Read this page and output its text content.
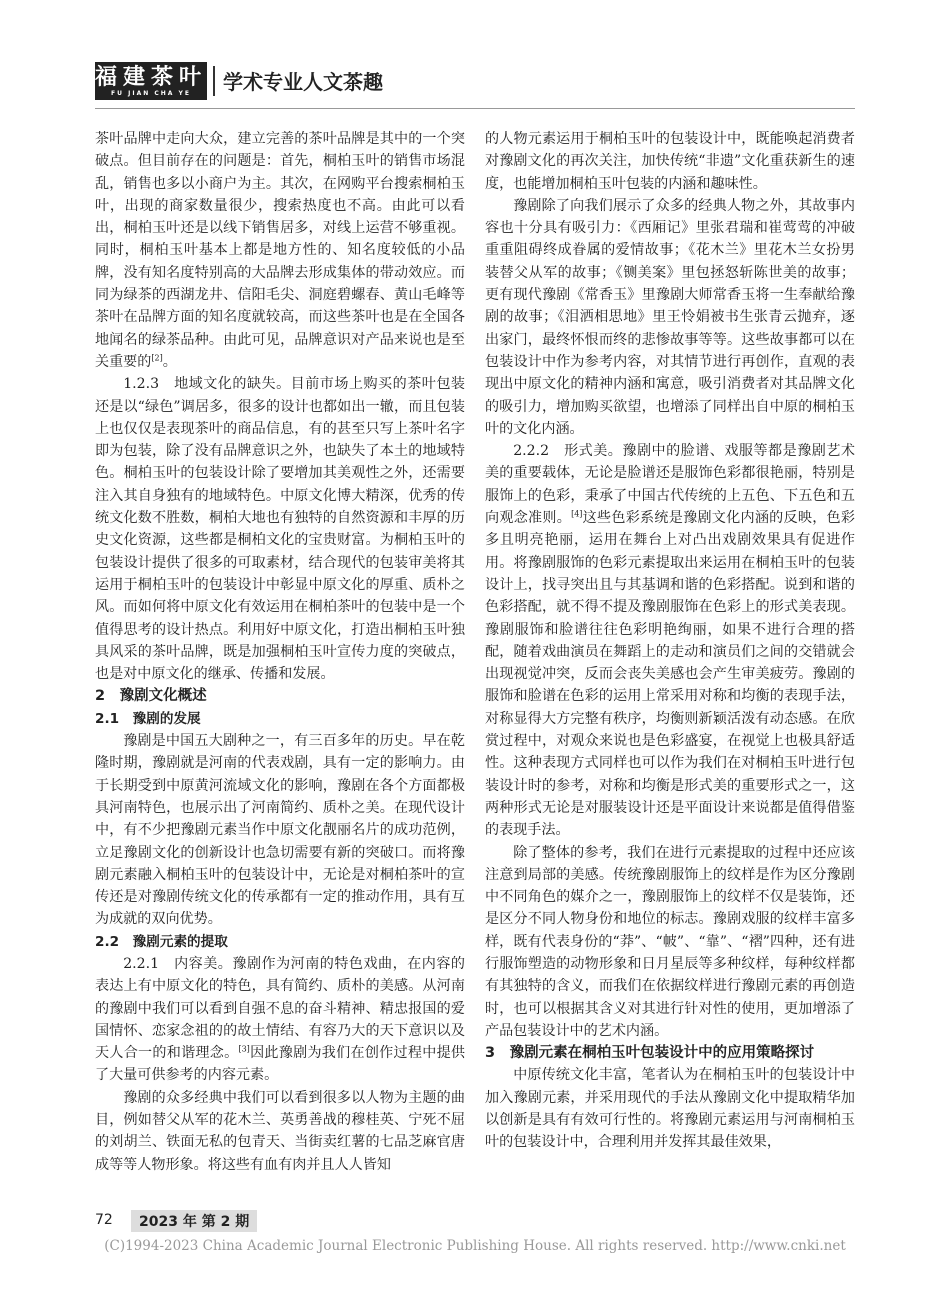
福建茶叶
FU JIAN CHA YE	学术专业人文茶趣

茶叶品牌中走向大众，建立完善的茶叶品牌是其中的一个突破点。但目前存在的问题是：首先，桐柏玉叶的销售市场混乱，销售也多以小商户为主。其次，在网购平台搜索桐柏玉叶，出现的商家数量很少，搜索热度也不高。由此可以看出，桐柏玉叶还是以线下销售居多，对线上运营不够重视。同时，桐柏玉叶基本上都是地方性的、知名度较低的小品牌，没有知名度特别高的大品牌去形成集体的带动效应。而同为绿茶的西湖龙井、信阳毛尖、洞庭碧螺春、黄山毛峰等茶叶在品牌方面的知名度就较高，而这些茶叶也是在全国各地闻名的绿茶品种。由此可见，品牌意识对产品来说也是至关重要的[2]。

1.2.3　地域文化的缺失。目前市场上购买的茶叶包装还是以“绿色”调居多，很多的设计也都如出一辙，而且包装上也仅仅是表现茶叶的商品信息，有的甚至只写上茶叶名字即为包装，除了没有品牌意识之外，也缺失了本土的地域特色。桐柏玉叶的包装设计除了要增加其美观性之外，还需要注入其自身独有的地域特色。中原文化博大精深，优秀的传统文化数不胜数，桐柏大地也有独特的自然资源和丰厚的历史文化资源，这些都是桐柏文化的宝贵财富。为桐柏玉叶的包装设计提供了很多的可取素材，结合现代的包装审美将其运用于桐柏玉叶的包装设计中彰显中原文化的厚重、质朴之风。而如何将中原文化有效运用在桐柏茶叶的包装中是一个值得思考的设计热点。利用好中原文化，打造出桐柏玉叶独具风采的茶叶品牌，既是加强桐柏玉叶宣传力度的突破点，也是对中原文化的继承、传播和发展。

2　豫剧文化概述
2.1　豫剧的发展

豫剧是中国五大剧种之一，有三百多年的历史。早在乾隆时期，豫剧就是河南的代表戏剧，具有一定的影响力。由于长期受到中原黄河流域文化的影响，豫剧在各个方面都极具河南特色，也展示出了河南简约、质朴之美。在现代设计中，有不少把豫剧元素当作中原文化靓丽名片的成功范例，立足豫剧文化的创新设计也急切需要有新的突破口。而将豫剧元素融入桐柏玉叶的包装设计中，无论是对桐柏茶叶的宣传还是对豫剧传统文化的传承都有一定的推动作用，具有互为成就的双向优势。

2.2　豫剧元素的提取

2.2.1　内容美。豫剧作为河南的特色戏曲，在内容的表达上有中原文化的特色，具有简约、质朴的美感。从河南的豫剧中我们可以看到自强不息的奋斗精神、精忠报国的爱国情怀、恋家念祖的的故土情结、有容乃大的天下意识以及天人合一的和谐理念。[3]因此豫剧为我们在创作过程中提供了大量可供参考的内容元素。

豫剧的众多经典中我们可以看到很多以人物为主题的曲目，例如替父从军的花木兰、英勇善战的穆桂英、宁死不屈的刘胡兰、铁面无私的包青天、当街卖红薯的七品芝麻官唐成等等人物形象。将这些有血有肉并且人人皆知

的人物元素运用于桐柏玉叶的包装设计中，既能唤起消费者对豫剧文化的再次关注，加快传统“非遗”文化重获新生的速度，也能增加桐柏玉叶包装的内涵和趣味性。

豫剧除了向我们展示了众多的经典人物之外，其故事内容也十分具有吸引力：《西厢记》里张君瑞和崔莺莺的冲破重重阻碍终成眷属的爱情故事；《花木兰》里花木兰女扮男装替父从军的故事；《铡美案》里包拯怒斩陈世美的故事；更有现代豫剧《常香玉》里豫剧大师常香玉将一生奉献给豫剧的故事；《泪洒相思地》里王怜娟被书生张青云抛弃，逐出家门，最终怀恨而终的悲惨故事等等。这些故事都可以在包装设计中作为参考内容，对其情节进行再创作，直观的表现出中原文化的精神内涵和寓意，吸引消费者对其品牌文化的吸引力，增加购买欲望，也增添了同样出自中原的桐柏玉叶的文化内涵。

2.2.2　形式美。豫剧中的脸谱、戏服等都是豫剧艺术美的重要载体，无论是脸谱还是服饰色彩都很艳丽，特别是服饰上的色彩，秉承了中国古代传统的上五色、下五色和五向观念准则。[4]这些色彩系统是豫剧文化内涵的反映，色彩多且明亮艳丽，运用在舞台上对凸出戏剧效果具有促进作用。将豫剧服饰的色彩元素提取出来运用在桐柏玉叶的包装设计上，找寻突出且与其基调和谐的色彩搭配。说到和谐的色彩搭配，就不得不提及豫剧服饰在色彩上的形式美表现。豫剧服饰和脸谱往往色彩明艳绚丽，如果不进行合理的搭配，随着戏曲演员在舞蹈上的走动和演员们之间的交错就会出现视觉冲突，反而会丧失美感也会产生审美疲劳。豫剧的服饰和脸谱在色彩的运用上常采用对称和均衡的表现手法，对称显得大方完整有秩序，均衡则新颖活泼有动态感。在欣赏过程中，对观众来说也是色彩盛宴，在视觉上也极具舒适性。这种表现方式同样也可以作为我们在对桐柏玉叶进行包装设计时的参考，对称和均衡是形式美的重要形式之一，这两种形式无论是对服装设计还是平面设计来说都是值得借鉴的表现手法。

除了整体的参考，我们在进行元素提取的过程中还应该注意到局部的美感。传统豫剧服饰上的纹样是作为区分豫剧中不同角色的媒介之一，豫剧服饰上的纹样不仅是装饰，还是区分不同人物身份和地位的标志。豫剧戏服的纹样丰富多样，既有代表身份的“莽”、“帔”、“靠”、“褶”四种，还有进行服饰塑造的动物形象和日月星辰等多种纹样，每种纹样都有其独特的含义，而我们在依据纹样进行豫剧元素的再创造时，也可以根据其含义对其进行针对性的使用，更加增添了产品包装设计中的艺术内涵。

3　豫剧元素在桐柏玉叶包装设计中的应用策略探讨

中原传统文化丰富，笔者认为在桐柏玉叶的包装设计中加入豫剧元素，并采用现代的手法从豫剧文化中提取精华加以创新是具有有效可行性的。将豫剧元素运用与河南桐柏玉叶的包装设计中，合理利用并发挥其最佳效果，

72	2023 年 第 2 期
(C)1994-2023 China Academic Journal Electronic Publishing House. All rights reserved. http://www.cnki.net
